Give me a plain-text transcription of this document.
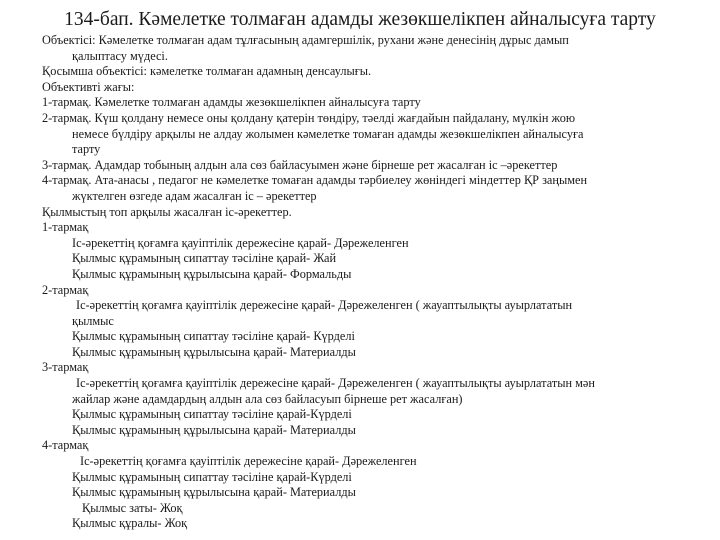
134-бап. Кәмелетке толмаған адамды жезөкшелікпен айналысуға тарту
Объектісі: Кәмелетке толмаған адам тұлғасының адамгершілік, рухани және денесінің дұрыс дамып
қалыптасу мүдесі.
Қосымша объектісі: кәмелетке толмаған адамның денсаулығы.
Объективті жағы:
1-тармақ. Кәмелетке толмаған адамды жезөкшелікпен айналысуға тарту
2-тармақ. Күш қолдану немесе оны қолдану қатерін төндіру, тәелді жағдайын пайдалану, мүлкін жою
немесе бүлдіру арқылы не алдау жолымен кәмелетке томаған адамды жезөкшелікпен айналысуға
тарту
3-тармақ. Адамдар тобының алдын ала сөз байласуымен және бірнеше рет жасалған іс –әрекеттер
4-тармақ. Ата-анасы , педагог не кәмелетке томаған адамды тәрбиелеу жөніндегі міндеттер ҚР заңымен
жүктелген өзгеде адам жасалған іс – әрекеттер
Қылмыстың топ арқылы жасалған іс-әрекеттер.
1-тармақ
Іс-әрекеттің қоғамға қауіптілік дережесіне қарай- Дәрежеленген
Қылмыс құрамының сипаттау тәсіліне қарай- Жай
Қылмыс құрамының құрылысына қарай- Формальды
2-тармақ
Іс-әрекеттің қоғамға қауіптілік дережесіне қарай- Дәрежеленген ( жауаптылықты ауырлататын
қылмыс
Қылмыс құрамының сипаттау тәсіліне қарай- Күрделі
Қылмыс құрамының құрылысына қарай- Материалды
3-тармақ
Іс-әрекеттің қоғамға қауіптілік дережесіне қарай- Дәрежеленген ( жауаптылықты ауырлататын мән
жайлар және адамдардың алдын ала сөз байласуып бірнеше рет жасалған)
Қылмыс құрамының сипаттау тәсіліне қарай-Күрделі
Қылмыс құрамының құрылысына қарай- Материалды
4-тармақ
Іс-әрекеттің қоғамға қауіптілік дережесіне қарай- Дәрежеленген
Қылмыс құрамының сипаттау тәсіліне қарай-Күрделі
Қылмыс құрамының құрылысына қарай- Материалды
Қылмыс заты- Жоқ
Қылмыс құралы- Жоқ
